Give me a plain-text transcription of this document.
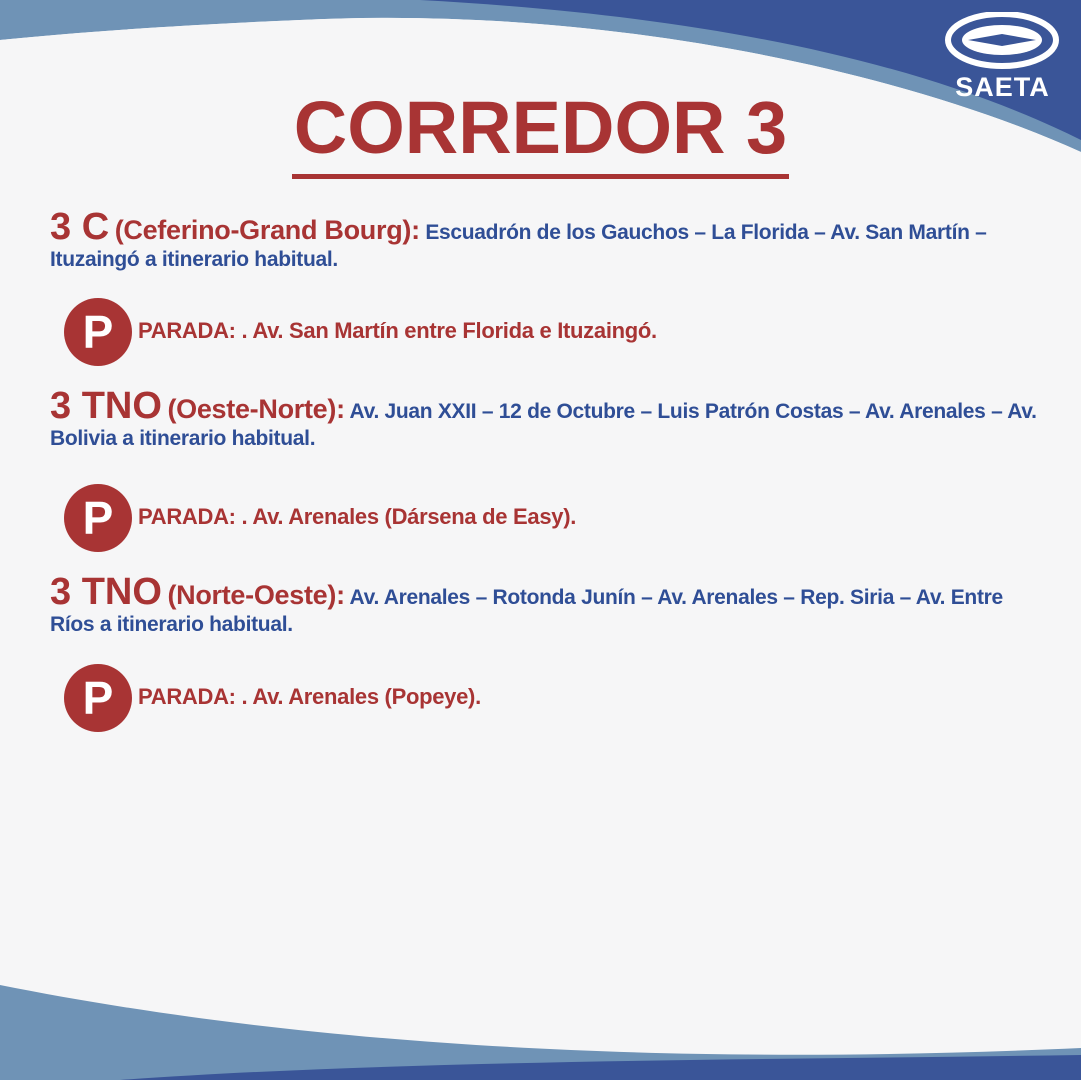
SAETA
CORREDOR 3

3 C (Ceferino-Grand Bourg): Escuadrón de los Gauchos – La Florida – Av. San Martín – Ituzaingó a itinerario habitual.

P	PARADA: . Av. San Martín entre Florida e Ituzaingó.

3 TNO (Oeste-Norte): Av. Juan XXII – 12 de Octubre – Luis Patrón Costas – Av. Arenales – Av. Bolivia a itinerario habitual.

P	PARADA: . Av. Arenales (Dársena de Easy).

3 TNO (Norte-Oeste): Av. Arenales – Rotonda Junín – Av. Arenales – Rep. Siria – Av. Entre Ríos a itinerario habitual.

P	PARADA: . Av. Arenales (Popeye).
